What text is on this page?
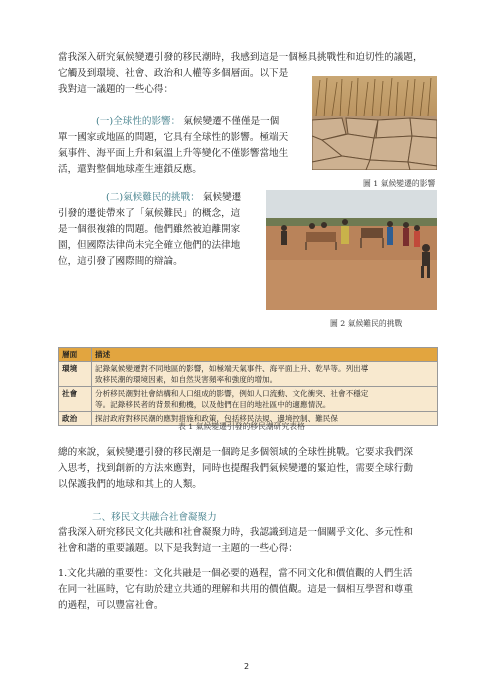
當我深入研究氣候變遷引發的移民潮時，我感到這是一個極具挑戰性和迫切性的議題，

它觸及到環境、社會、政治和人權等多個層面。以下是

我對這一議題的一些心得：

(一)全球性的影響： 氣候變遷不僅僅是一個

單一國家或地區的問題，它具有全球性的影響。極端天

氣事件、海平面上升和氣溫上升等變化不僅影響當地生

活，還對整個地球產生連鎖反應。

圖 1 氣候變遷的影響

(二)氣候難民的挑戰： 氣候變遷

引發的遷徙帶來了「氣候難民」的概念，這

是一個很複雜的問題。他們雖然被迫離開家

園，但國際法律尚未完全確立他們的法律地

位，這引發了國際間的辯論。

圖 2 氣候難民的挑戰
層面	描述
環境	記錄氣候變遷對不同地區的影響，如極端天氣事件、海平面上升、乾旱等。列出導
致移民潮的環境因素，如自然災害頻率和強度的增加。

社會	分析移民潮對社會結構和人口組成的影響，例如人口流動、文化衝突、社會不穩定
等。記錄移民者的背景和動機，以及他們在目的地社區中的適應情況。

政治	探討政府對移民潮的應對措施和政策，包括移民法規、邊境控制、難民保
表 1 氣候變遷引發的移民潮研究表格

總的來說，氣候變遷引發的移民潮是一個跨足多個領域的全球性挑戰。它要求我們深

入思考，找到創新的方法來應對，同時也提醒我們氣候變遷的緊迫性，需要全球行動

以保護我們的地球和其上的人類。

二、移民文共融合社會凝聚力

當我深入研究移民文化共融和社會凝聚力時，我認識到這是一個關乎文化、多元性和

社會和諧的重要議題。以下是我對這一主題的一些心得：

1.文化共融的重要性：文化共融是一個必要的過程，當不同文化和價值觀的人們生活

在同一社區時，它有助於建立共通的理解和共用的價值觀。這是一個相互學習和尊重

的過程，可以豐富社會。

2
